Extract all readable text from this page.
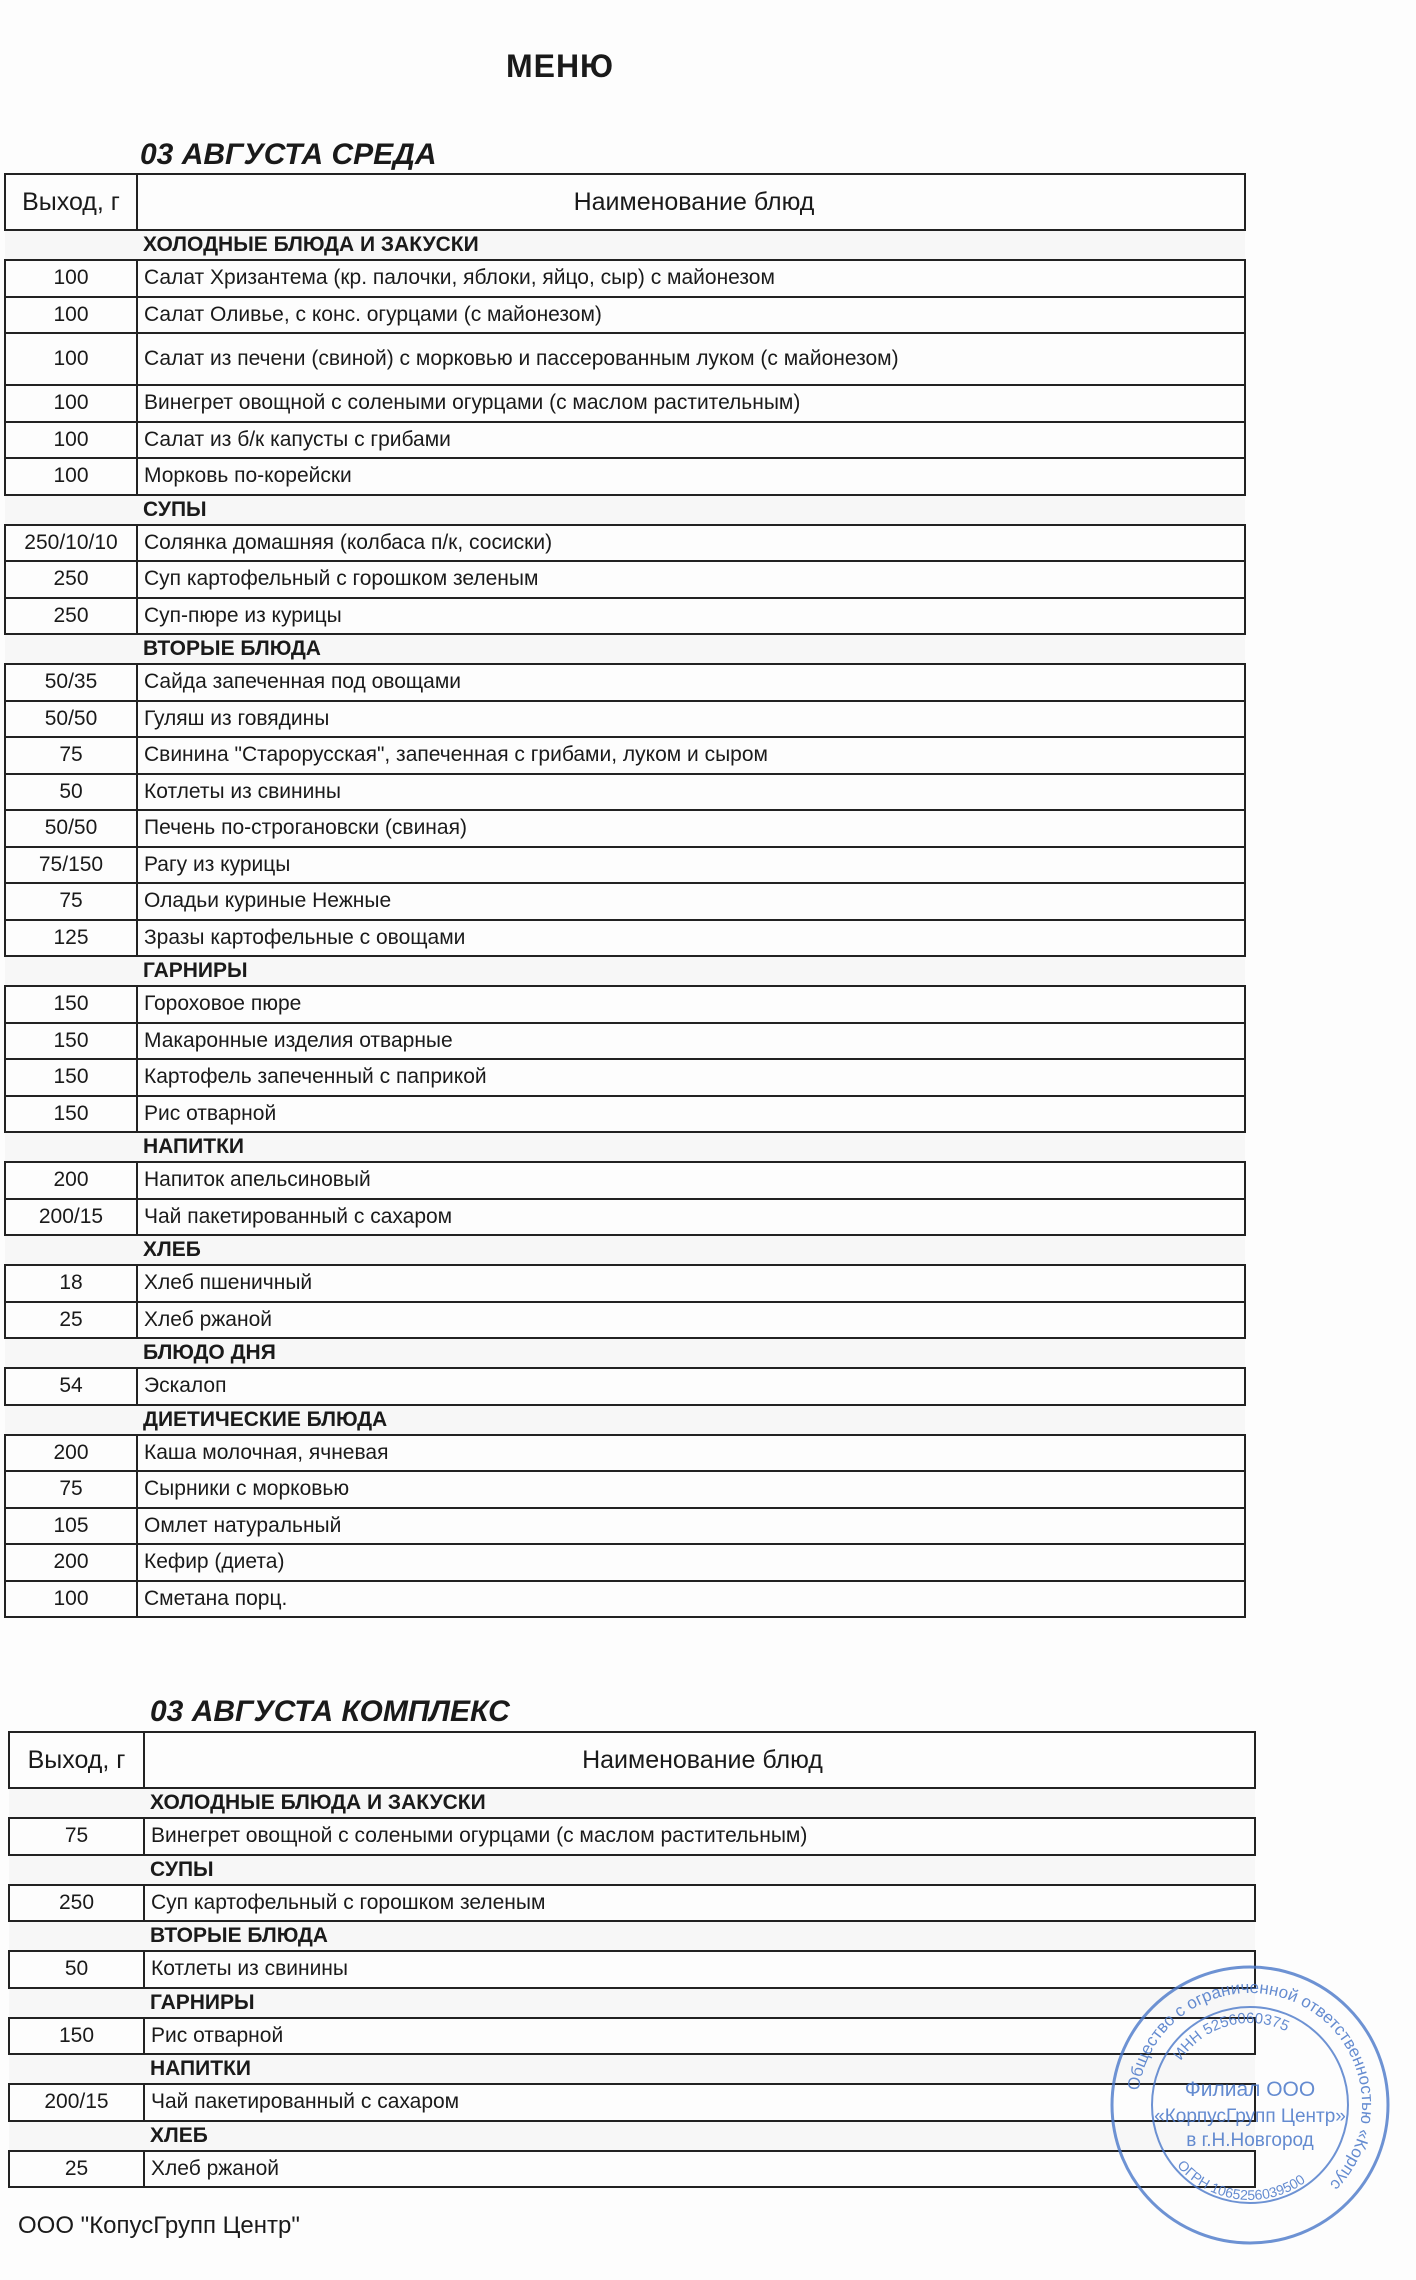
МЕНЮ
03 АВГУСТА СРЕДА
Выход, г	Наименование блюд
	ХОЛОДНЫЕ БЛЮДА И ЗАКУСКИ
100	Салат Хризантема (кр. палочки, яблоки, яйцо, сыр) с майонезом
100	Салат Оливье, с конс. огурцами (с майонезом)
100	Салат из печени (свиной) с морковью и пассерованным луком (с майонезом)
100	Винегрет овощной с солеными огурцами (с маслом растительным)
100	Салат из б/к капусты с грибами
100	Морковь по-корейски
	СУПЫ
250/10/10	Солянка домашняя (колбаса п/к, сосиски)
250	Суп картофельный с горошком зеленым
250	Суп-пюре из курицы
	ВТОРЫЕ БЛЮДА
50/35	Сайда запеченная под овощами
50/50	Гуляш из говядины
75	Свинина "Старорусская", запеченная с грибами, луком и сыром
50	Котлеты из свинины
50/50	Печень по-строгановски (свиная)
75/150	Рагу из курицы
75	Оладьи куриные Нежные
125	Зразы картофельные с овощами
	ГАРНИРЫ
150	Гороховое пюре
150	Макаронные изделия отварные
150	Картофель запеченный с паприкой
150	Рис отварной
	НАПИТКИ
200	Напиток апельсиновый
200/15	Чай пакетированный с сахаром
	ХЛЕБ
18	Хлеб пшеничный
25	Хлеб ржаной
	БЛЮДО ДНЯ
54	Эскалоп
	ДИЕТИЧЕСКИЕ БЛЮДА
200	Каша молочная, ячневая
75	Сырники с морковью
105	Омлет натуральный
200	Кефир (диета)
100	Сметана порц.
03 АВГУСТА КОМПЛЕКС
Выход, г	Наименование блюд
	ХОЛОДНЫЕ БЛЮДА И ЗАКУСКИ
75	Винегрет овощной с солеными огурцами (с маслом растительным)
	СУПЫ
250	Суп картофельный с горошком зеленым
	ВТОРЫЕ БЛЮДА
50	Котлеты из свинины
	ГАРНИРЫ
150	Рис отварной
	НАПИТКИ
200/15	Чай пакетированный с сахаром
	ХЛЕБ
25	Хлеб ржаной
ООО "КопусГрупп Центр"
Общество с ограниченной ответственностью «Корпус
ИНН 5256060375
ОГРН 1065256039500
Филиал ООО
«КорпусГрупп Центр»
в г.Н.Новгород
